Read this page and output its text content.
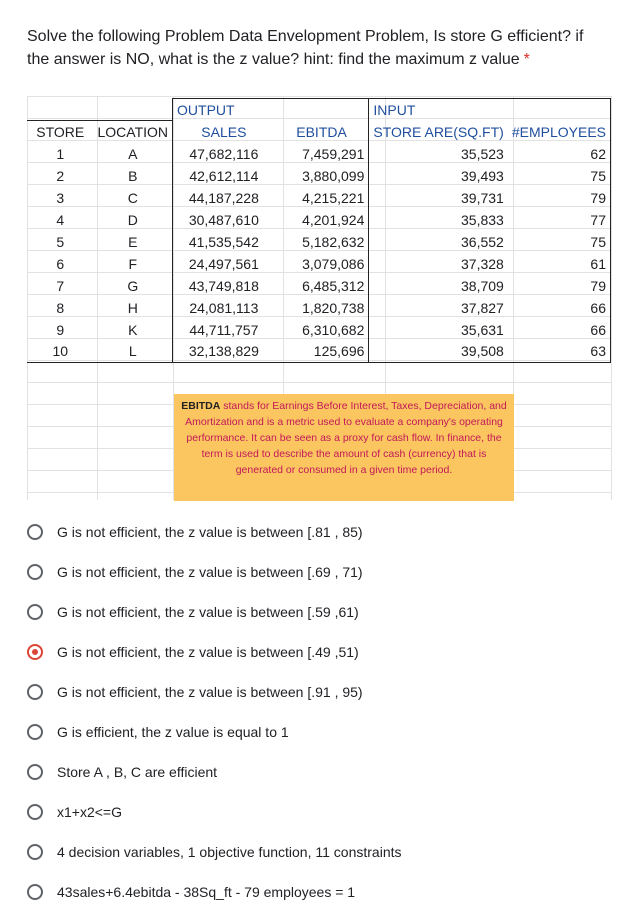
Solve the following Problem Data Envelopment Problem, Is store G efficient? if the answer is NO, what is the z value? hint: find the maximum z value *
		OUTPUT		INPUT	
STORE	LOCATION	SALES	EBITDA	STORE ARE(SQ.FT)	#EMPLOYEES
1	A	47,682,116	7,459,291	35,523	62
2	B	42,612,114	3,880,099	39,493	75
3	C	44,187,228	4,215,221	39,731	79
4	D	30,487,610	4,201,924	35,833	77
5	E	41,535,542	5,182,632	36,552	75
6	F	24,497,561	3,079,086	37,328	61
7	G	43,749,818	6,485,312	38,709	79
8	H	24,081,113	1,820,738	37,827	66
9	K	44,711,757	6,310,682	35,631	66
10	L	32,138,829	125,696	39,508	63
EBITDA stands for Earnings Before Interest, Taxes, Depreciation, and Amortization and is a metric used to evaluate a company's operating performance. It can be seen as a proxy for cash flow. In finance, the term is used to describe the amount of cash (currency) that is generated or consumed in a given time period.
G is not efficient, the z value is between [.81 , 85)
G is not efficient, the z value is between [.69 , 71)
G is not efficient, the z value is between [.59 ,61)
G is not efficient, the z value is between [.49 ,51)
G is not efficient, the z value is between [.91 , 95)
G is efficient, the z value is equal to 1
Store A , B, C are efficient
x1+x2<=G
4 decision variables, 1 objective function, 11 constraints
43sales+6.4ebitda - 38Sq_ft - 79 employees = 1
